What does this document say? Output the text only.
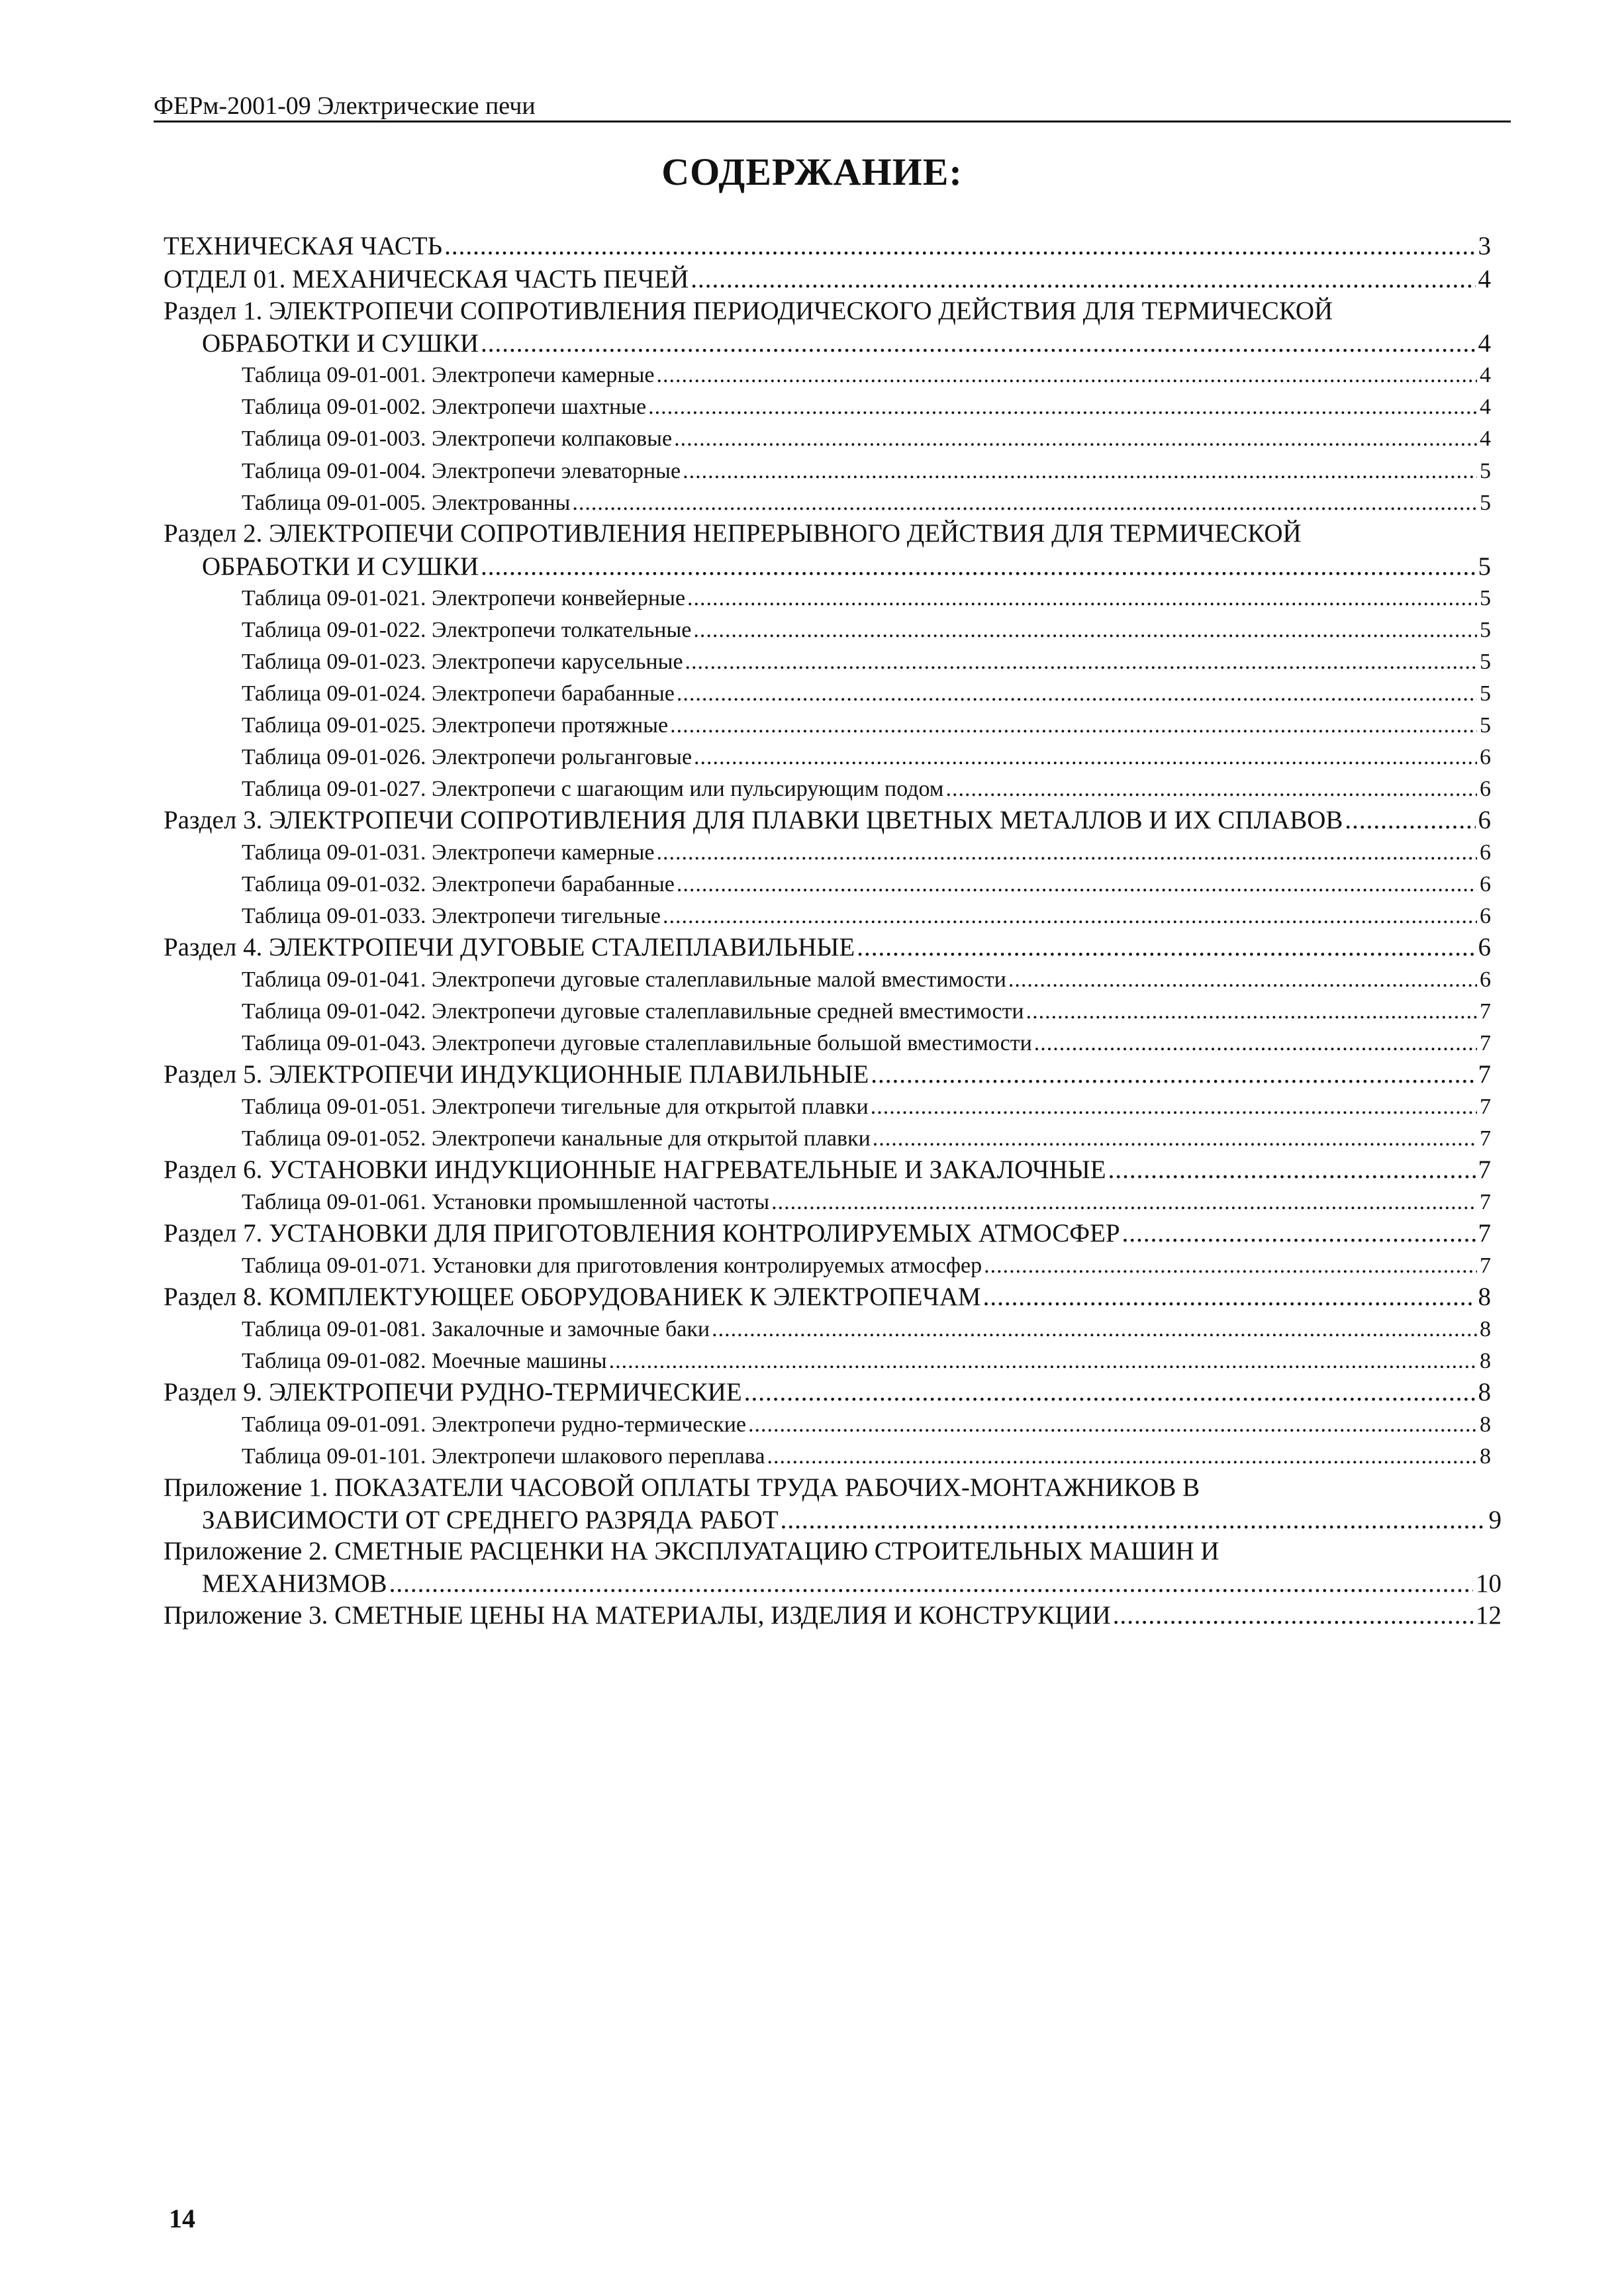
ФЕРм-2001-09 Электрические печи
СОДЕРЖАНИЕ:
ТЕХНИЧЕСКАЯ ЧАСТЬ .....	3
ОТДЕЛ 01. МЕХАНИЧЕСКАЯ ЧАСТЬ ПЕЧЕЙ .....	4
Раздел 1. ЭЛЕКТРОПЕЧИ СОПРОТИВЛЕНИЯ ПЕРИОДИЧЕСКОГО ДЕЙСТВИЯ ДЛЯ ТЕРМИЧЕСКОЙ
ОБРАБОТКИ И СУШКИ .....	4
Таблица 09-01-001. Электропечи камерные .....	4
Таблица 09-01-002. Электропечи шахтные .....	4
Таблица 09-01-003. Электропечи колпаковые .....	4
Таблица 09-01-004. Электропечи элеваторные .....	5
Таблица 09-01-005. Электрованны .....	5
Раздел 2. ЭЛЕКТРОПЕЧИ СОПРОТИВЛЕНИЯ НЕПРЕРЫВНОГО ДЕЙСТВИЯ ДЛЯ ТЕРМИЧЕСКОЙ
ОБРАБОТКИ И СУШКИ .....	5
Таблица 09-01-021. Электропечи конвейерные .....	5
Таблица 09-01-022. Электропечи толкательные .....	5
Таблица 09-01-023. Электропечи карусельные .....	5
Таблица 09-01-024. Электропечи барабанные .....	5
Таблица 09-01-025. Электропечи протяжные .....	5
Таблица 09-01-026. Электропечи рольганговые .....	6
Таблица 09-01-027. Электропечи с шагающим или пульсирующим подом .....	6
Раздел 3. ЭЛЕКТРОПЕЧИ СОПРОТИВЛЕНИЯ ДЛЯ ПЛАВКИ ЦВЕТНЫХ МЕТАЛЛОВ И ИХ СПЛАВОВ .....	6
Таблица 09-01-031. Электропечи камерные .....	6
Таблица 09-01-032. Электропечи барабанные .....	6
Таблица 09-01-033. Электропечи тигельные .....	6
Раздел 4. ЭЛЕКТРОПЕЧИ ДУГОВЫЕ СТАЛЕПЛАВИЛЬНЫЕ .....	6
Таблица 09-01-041. Электропечи дуговые сталеплавильные малой вместимости .....	6
Таблица 09-01-042. Электропечи дуговые сталеплавильные средней вместимости .....	7
Таблица 09-01-043. Электропечи дуговые сталеплавильные большой вместимости .....	7
Раздел 5. ЭЛЕКТРОПЕЧИ ИНДУКЦИОННЫЕ ПЛАВИЛЬНЫЕ .....	7
Таблица 09-01-051. Электропечи тигельные для открытой плавки .....	7
Таблица 09-01-052. Электропечи канальные для открытой плавки .....	7
Раздел 6. УСТАНОВКИ ИНДУКЦИОННЫЕ НАГРЕВАТЕЛЬНЫЕ И ЗАКАЛОЧНЫЕ .....	7
Таблица 09-01-061. Установки промышленной частоты .....	7
Раздел 7. УСТАНОВКИ ДЛЯ ПРИГОТОВЛЕНИЯ КОНТРОЛИРУЕМЫХ АТМОСФЕР .....	7
Таблица 09-01-071. Установки для приготовления контролируемых атмосфер .....	7
Раздел 8. КОМПЛЕКТУЮЩЕЕ ОБОРУДОВАНИЕК К ЭЛЕКТРОПЕЧАМ .....	8
Таблица 09-01-081. Закалочные и замочные баки .....	8
Таблица 09-01-082. Моечные машины .....	8
Раздел 9. ЭЛЕКТРОПЕЧИ РУДНО-ТЕРМИЧЕСКИЕ .....	8
Таблица 09-01-091. Электропечи рудно-термические .....	8
Таблица 09-01-101. Электропечи шлакового переплава .....	8
Приложение 1. ПОКАЗАТЕЛИ ЧАСОВОЙ ОПЛАТЫ ТРУДА РАБОЧИХ-МОНТАЖНИКОВ В
ЗАВИСИМОСТИ ОТ СРЕДНЕГО РАЗРЯДА РАБОТ .....	9
Приложение 2. СМЕТНЫЕ РАСЦЕНКИ НА ЭКСПЛУАТАЦИЮ СТРОИТЕЛЬНЫХ МАШИН И
МЕХАНИЗМОВ .....	10
Приложение 3. СМЕТНЫЕ ЦЕНЫ НА МАТЕРИАЛЫ, ИЗДЕЛИЯ И КОНСТРУКЦИИ .....	12
14
